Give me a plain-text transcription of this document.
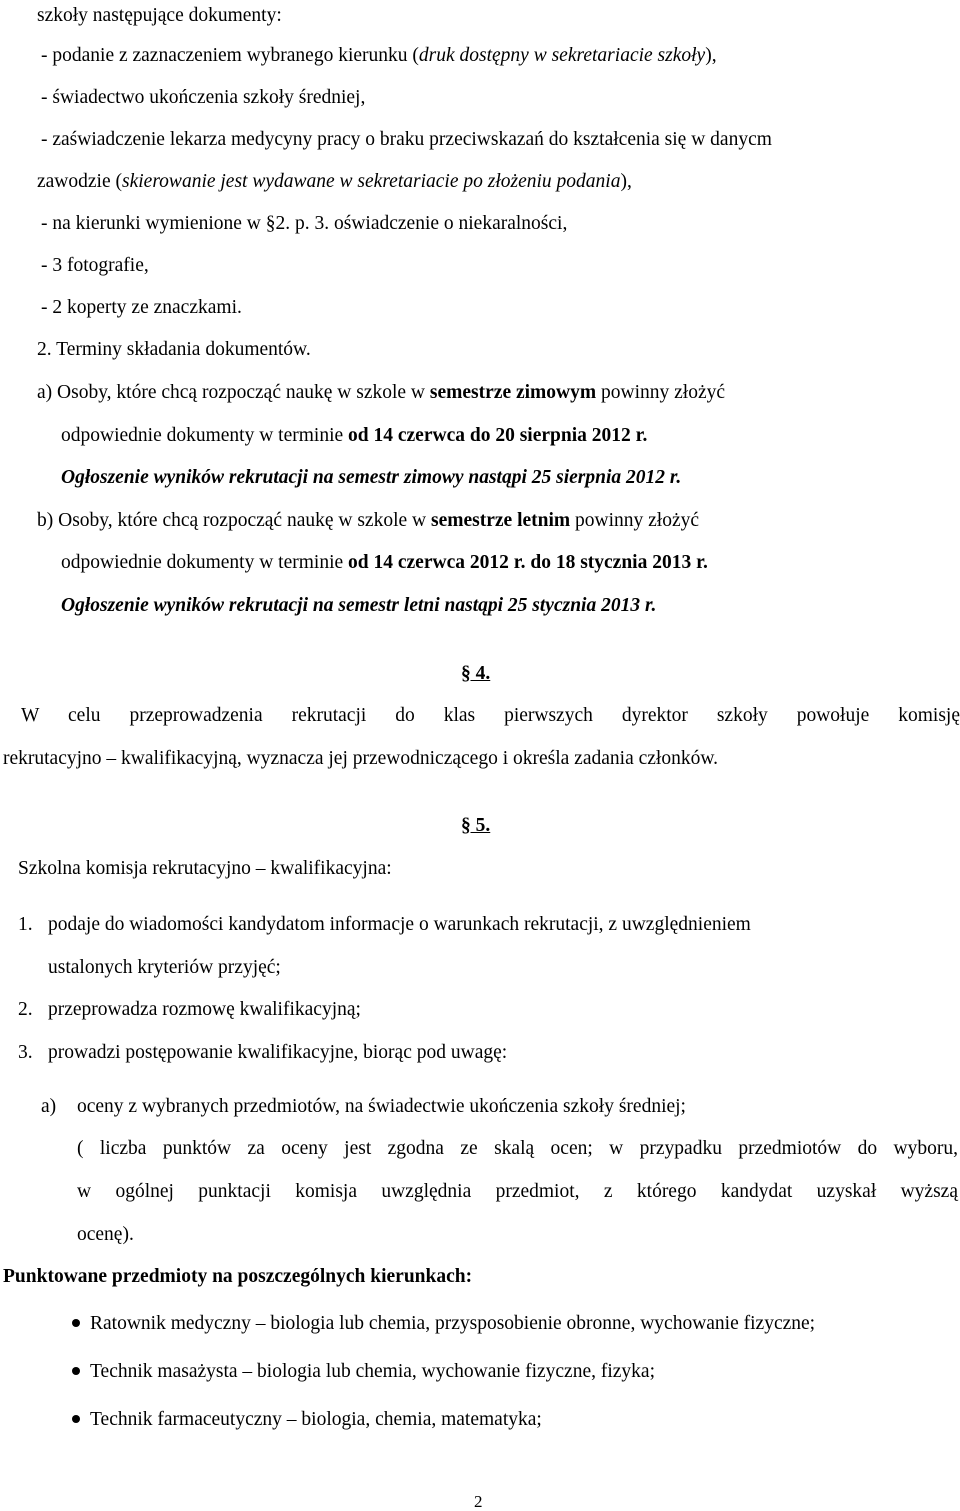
szkoły następujące dokumenty:
- podanie z zaznaczeniem wybranego kierunku (druk dostępny w sekretariacie szkoły),
- świadectwo ukończenia szkoły średniej,
- zaświadczenie lekarza medycyny pracy o braku przeciwskazań do kształcenia się w danycm
zawodzie (skierowanie jest wydawane w sekretariacie po złożeniu podania),
- na kierunki wymienione w §2. p. 3. oświadczenie o niekaralności,
- 3 fotografie,
- 2 koperty ze znaczkami.
2. Terminy składania dokumentów.
a) Osoby, które chcą rozpocząć naukę w szkole w semestrze zimowym powinny złożyć
odpowiednie dokumenty w terminie od 14 czerwca do 20 sierpnia 2012 r.
Ogłoszenie wyników rekrutacji na semestr zimowy nastąpi 25 sierpnia 2012 r.
b) Osoby, które chcą rozpocząć naukę w szkole w semestrze letnim powinny złożyć
odpowiednie dokumenty w terminie od 14 czerwca 2012 r. do 18 stycznia 2013 r.
Ogłoszenie wyników rekrutacji na semestr letni nastąpi 25 stycznia 2013 r.
§ 4.
W celu przeprowadzenia rekrutacji do klas pierwszych dyrektor szkoły powołuje komisję
rekrutacyjno – kwalifikacyjną, wyznacza jej przewodniczącego i określa zadania członków.
§ 5.
Szkolna komisja rekrutacyjno – kwalifikacyjna:
1. podaje do wiadomości kandydatom informacje o warunkach rekrutacji, z uwzględnieniem
ustalonych kryteriów przyjęć;
2. przeprowadza rozmowę kwalifikacyjną;
3. prowadzi postępowanie kwalifikacyjne, biorąc pod uwagę:
a) oceny z wybranych przedmiotów, na świadectwie ukończenia szkoły średniej;
( liczba punktów za oceny jest zgodna ze skalą ocen; w przypadku przedmiotów do wyboru,
w ogólnej punktacji komisja uwzględnia przedmiot, z którego kandydat uzyskał wyższą
ocenę).
Punktowane przedmioty na poszczególnych kierunkach:
Ratownik medyczny – biologia lub chemia, przysposobienie obronne, wychowanie fizyczne;
Technik masażysta – biologia lub chemia, wychowanie fizyczne, fizyka;
Technik farmaceutyczny – biologia, chemia, matematyka;
2
